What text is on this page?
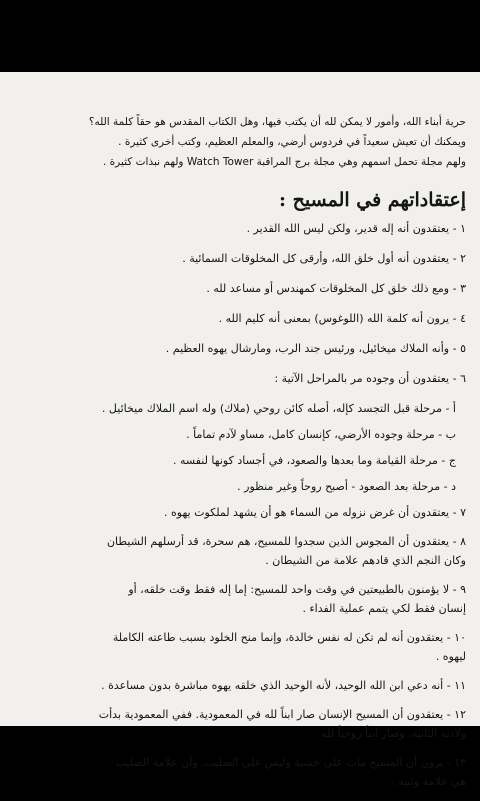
حرية أبناء الله، وأمور لا يمكن لله أن يكتب فيها، وهل الكتاب المقدس هو حقاً كلمة الله؟
ويمكنك أن تعيش سعيداً في فردوس أرضي، والمعلم العظيم، وكتب أخرى كثيرة .
ولهم مجلة تحمل اسمهم وهي مجلة برج المراقبة Watch Tower ولهم نبذات كثيرة .
إعتقاداتهم في المسيح :
١ - يعتقدون أنه إله قدير، ولكن ليس الله القدير .
٢ - يعتقدون أنه أول خلق الله، وأرقى كل المخلوقات السمائية .
٣ - ومع ذلك خلق كل المخلوقات كمهندس أو مساعد لله .
٤ - يرون أنه كلمة الله (اللوغوس) بمعنى أنه كليم الله .
٥ - وأنه الملاك ميخائيل، ورئيس جند الرب، ومارشال يهوه العظيم .
٦ - يعتقدون أن وجوده مر بالمراحل الآتية :
أ - مرحلة قبل التجسد كإله، أصله كائن روحي (ملاك) وله اسم الملاك ميخائيل .
ب - مرحلة وجوده الأرضي، كإنسان كامل، مساو لآدم تماماً .
ج - مرحلة القيامة وما بعدها والصعود، في أجساد كونها لنفسه .
د - مرحلة بعد الصعود - أصبح روحاً وغير منظور .
٧ - يعتقدون أن غرض نزوله من السماء هو أن يشهد لملكوت يهوه .
٨ - يعتقدون أن المجوس الذين سجدوا للمسيح، هم سحرة، قد أرسلهم الشيطان
وكان النجم الذي قادهم علامة من الشيطان .
٩ - لا يؤمنون بالطبيعتين في وقت واحد للمسيح: إما إله فقط وقت خلقه، أو
إنسان فقط لكي يتمم عملية الفداء .
١٠ - يعتقدون أنه لم تكن له نفس خالدة، وإنما منح الخلود بسبب طاعته الكاملة
ليهوه .
١١ - أنه دعي ابن الله الوحيد، لأنه الوحيد الذي خلقه يهوه مباشرة بدون مساعدة .
١٢ - يعتقدون أن المسيح الإنسان صار ابناً لله في المعمودية. ففي المعمودية بدأت
ولادته الثانية، وصار ابناً روحياً لله .
١٣ - يرون أن المسيح مات على خشبة وليس على الصليب، وأن علامة الصليب
هي علامة وثنية .
